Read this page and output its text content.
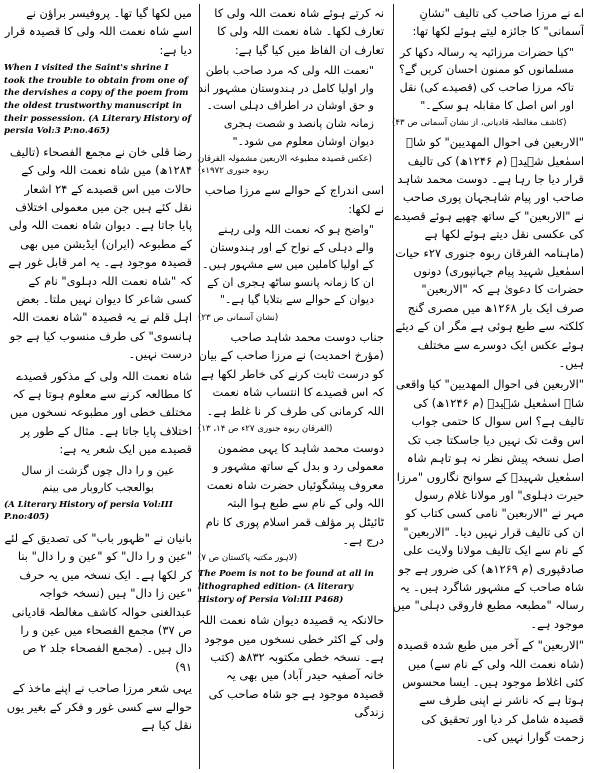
اے نے مرزا صاحب کی تالیف "نشانِ آسمانی" کا جائزہ لیتے ہوئے لکھا تھا:

"کیا حضرات مرزائیہ یہ رسالہ دکھا کر مسلمانوں کو ممنون احسان کریں گے؟ تاکہ مرزا صاحب کی (قصیدے کی) نقل اور اس اصل کا مقابلہ ہو سکے۔"

(کاشف مغالطہ قادیانی، از نشان آسمانی ص ۴۳)

"الاربعین فی احوال المهدیین" کو شاہ اسمٰعیل شہیدؒ (م ۱۲۴۶ھ) کی تالیف قرار دیا جا رہا ہے۔ دوست محمد شاہد صاحب اور پیام شاہجہان پوری صاحب نے "الاربعین" کے ساتھ چھپے ہوئے قصیدے کی عکسی نقل دیتے ہوئے لکھا ہے (ماہنامہ الفرقان ربوہ جنوری ۲۷ء حیات اسمٰعیل شہید پیام جہانپوری) دونوں حضرات کا دعویٰ ہے کہ "الاربعین" صرف ایک بار ۱۲۶۸ھ میں مصری گنج کلکتہ سے طبع ہوئی ہے مگر ان کے دیئے ہوئے عکس ایک دوسرے سے مختلف ہیں۔

"الاربعین فی احوال المهدیین" کیا واقعی شاہ اسمٰعیل شہیدؒ (م ۱۲۴۶ھ) کی تالیف ہے؟ اس سوال کا حتمی جواب اس وقت تک نہیں دیا جاسکتا جب تک اصل نسخہ پیش نظر نہ ہو تاہم شاہ اسمٰعیل شہیدؒ کے سوانح نگاروں "مرزا حیرت دہلوی" اور مولانا غلام رسول مہر نے "الاربعین" نامی کسی کتاب کو ان کی تالیف قرار نہیں دیا۔ "الاربعین" کے نام سے ایک تالیف مولانا ولایت علی صادقپوری (م ۱۲۶۹ھ) کی ضرور ہے جو شاہ صاحب کے مشہور شاگرد ہیں۔ یہ رسالہ "مطبعہ مطبع فاروقی دہلی" میں موجود ہے۔

"الاربعین" کے آخر میں طبع شدہ قصیدہ (شاہ نعمت اللہ ولی کے نام سے) میں کئی اغلاط موجود ہیں۔ ایسا محسوس ہوتا ہے کہ ناشر نے اپنی طرف سے قصیدہ شامل کر دیا اور تحقیق کی زحمت گوارا نہیں کی۔

نہ کرتے ہوئے شاہ نعمت اللہ ولی کا تعارف لکھا۔ شاہ نعمت اللہ ولی کا تعارف ان الفاظ میں کیا گیا ہے:

"نعمت اللہ ولی کہ مرد صاحب باطن وار اولیا کامل در ہندوستان مشہور اند و حق اوشان در اطراف دہلی است۔ زمانہ شان پانصد و شصت ہجری دیوان اوشان معلوم می شود۔"

(عکس قصیدہ مطبوعہ الاربعین مشمولہ الفرقان ربوہ جنوری ۱۹۷۲ء)

اسی اندراج کے حوالے سے مرزا صاحب نے لکھا:

"واضح ہو کہ نعمت اللہ ولی رہنے والے دہلی کے نواح کے اور ہندوستان کے اولیا کاملین میں سے مشہور ہیں۔ ان کا زمانہ پانسو ساٹھ ہجری ان کے دیوان کے حوالے سے بتلایا گیا ہے۔"

(نشان آسمانی ص ۲۳)

جناب دوست محمد شاہد صاحب (مؤرخ احمدیت) نے مرزا صاحب کے بیان کو درست ثابت کرنے کی خاطر لکھا ہے کہ اس قصیدے کا انتساب شاہ نعمت اللہ کرمانی کی طرف کر نا غلط ہے۔

(الفرقان ربوہ جنوری ۲۷ء ص ۱۴، ۱۳)

دوست محمد شاہد کا یہی مضمون معمولی رد و بدل کے ساتھ مشہور و معروف پیشگوئیاں حضرت شاہ نعمت اللہ ولی کے نام سے طبع ہوا البتہ ٹائیٹل پر مؤلف قمر اسلام پوری کا نام درج ہے۔

(لاہور مکتبہ پاکستان ص ۷)

The Poem is not to be found at all in lithographed edition- (A literary History of Persia Vol:III P468)

حالانکہ یہ قصیدہ دیوان شاہ نعمت اللہ ولی کے اکثر خطی نسخوں میں موجود ہے۔ نسخہ خطی مکتوبہ ۸۳۲ھ (کتب خانہ آصفیہ حیدر آباد) میں بھی یہ قصیدہ موجود ہے جو شاہ صاحب کی زندگی

میں لکھا گیا تھا۔ پروفیسر براؤن نے اسے شاہ نعمت اللہ ولی کا قصیدہ قرار دیا ہے:

When I visited the Saint's shrine I took the trouble to obtain from one of the dervishes a copy of the poem from the oldest trustworthy manuscript in their possession. (A Literary History of persia Vol:3 P:no.465)

رضا قلی خان نے مجمع الفصحاء (تالیف ۱۲۸۴ھ) میں شاہ نعمت اللہ ولی کے حالات میں اس قصیدے کے ۲۴ اشعار نقل کئے ہیں جن میں معمولی اختلاف پایا جاتا ہے۔ دیوان شاہ نعمت اللہ ولی کے مطبوعہ (ایران) ایڈیشن میں بھی قصیدہ موجود ہے۔ یہ امر قابل غور ہے کہ "شاہ نعمت اللہ دہلوی" نام کے کسی شاعر کا دیوان نہیں ملتا۔ بعض اہل قلم نے یہ قصیدہ "شاہ نعمت اللہ ہانسوی" کی طرف منسوب کیا ہے جو درست نہیں۔

شاہ نعمت اللہ ولی کے مذکور قصیدے کا مطالعہ کرنے سے معلوم ہوتا ہے کہ مختلف خطی اور مطبوعہ نسخوں میں اختلاف پایا جاتا ہے۔ مثال کے طور پر قصیدے میں ایک شعر یہ ہے:

عین و را دال چوں گزشت از سال

بوالعجب کاروبار می بینم

(A Literary History of persia Vol:III P.no:405)

بانیان نے "ظہور باب" کی تصدیق کے لئے "عین و را دال" کو "عین و را دال" بنا کر لکھا ہے۔ ایک نسخہ میں یہ حرف "عین زا دال" ہیں (نسخہ خواجہ عبدالغنی حوالہ کاشف مغالطہ قادیانی ص ۳۷) مجمع الفصحاء میں عین و را دال ہیں۔ (مجمع الفصحاء جلد ۲ ص ۹۱)

یہی شعر مرزا صاحب نے اپنے ماخذ کے حوالے سے کسی غور و فکر کے بغیر یوں نقل کیا ہے
